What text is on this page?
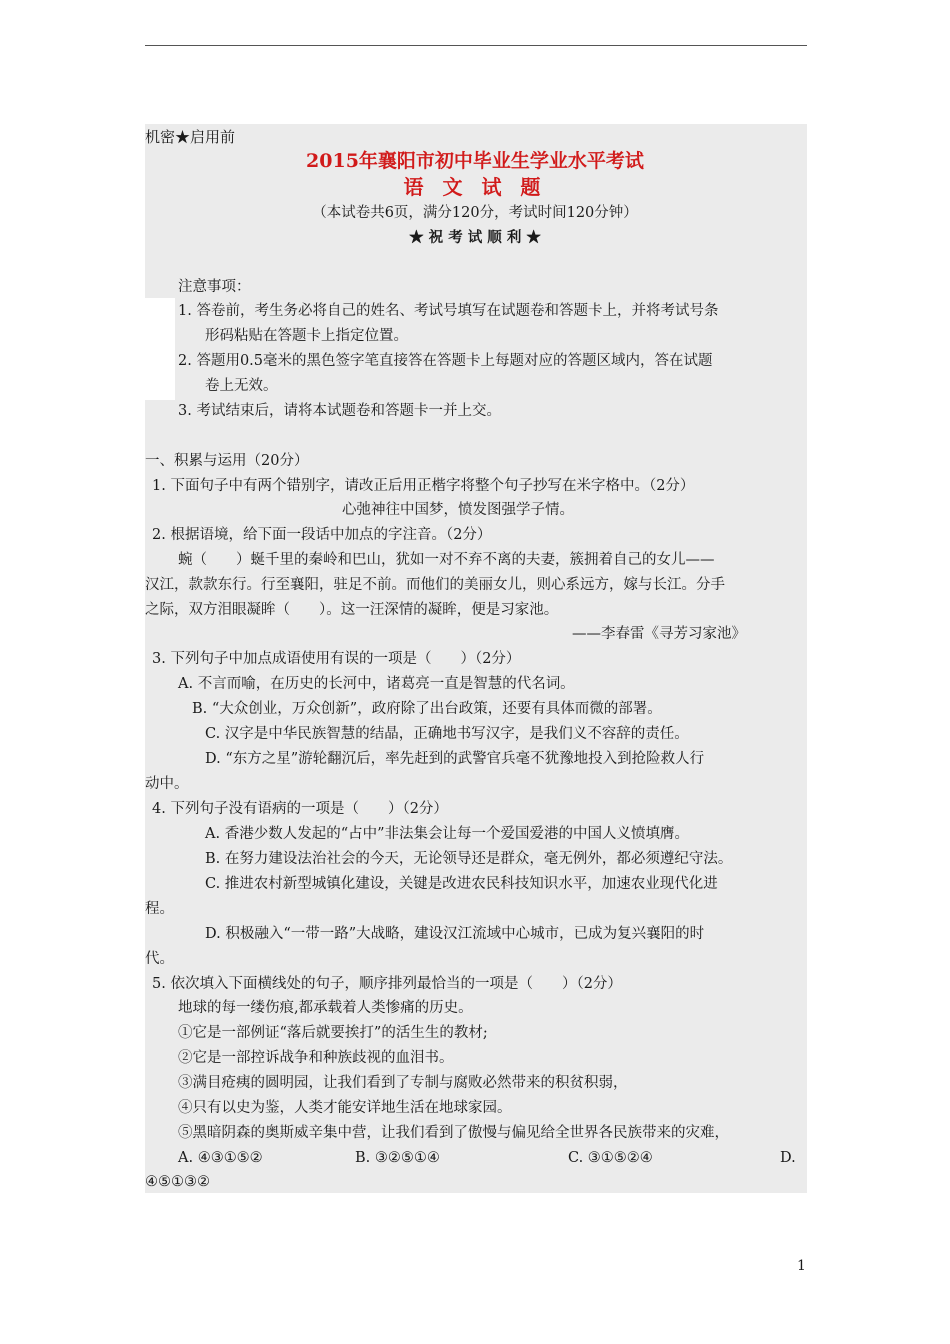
机密★启用前
2015年襄阳市初中毕业生学业水平考试
语 文 试 题
（本试卷共6页，满分120分，考试时间120分钟）
★ 祝 考 试 顺 利 ★
注意事项：
1. 答卷前，考生务必将自己的姓名、考试号填写在试题卷和答题卡上，并将考试号条
形码粘贴在答题卡上指定位置。
2. 答题用0.5毫米的黑色签字笔直接答在答题卡上每题对应的答题区域内，答在试题
卷上无效。
3. 考试结束后，请将本试题卷和答题卡一并上交。
一、积累与运用（20分）
1. 下面句子中有两个错别字，请改正后用正楷字将整个句子抄写在米字格中。（2分）
心弛神往中国梦，愤发图强学子情。
2. 根据语境，给下面一段话中加点的字注音。（2分）
蜿（　　）蜒千里的秦岭和巴山，犹如一对不弃不离的夫妻，簇拥着自己的女儿——
汉江，款款东行。行至襄阳，驻足不前。而他们的美丽女儿，则心系远方，嫁与长江。分手
之际，双方泪眼凝眸（　　）。这一汪深情的凝眸，便是习家池。
——李春雷《寻芳习家池》
3. 下列句子中加点成语使用有误的一项是（　　）（2分）
A. 不言而喻，在历史的长河中，诸葛亮一直是智慧的代名词。
B. “大众创业，万众创新”，政府除了出台政策，还要有具体而微的部署。
C. 汉字是中华民族智慧的结晶，正确地书写汉字，是我们义不容辞的责任。
D. “东方之星”游轮翻沉后，率先赶到的武警官兵毫不犹豫地投入到抢险救人行
动中。
4. 下列句子没有语病的一项是（　　）（2分）
A. 香港少数人发起的“占中”非法集会让每一个爱国爱港的中国人义愤填膺。
B. 在努力建设法治社会的今天，无论领导还是群众，毫无例外，都必须遵纪守法。
C. 推进农村新型城镇化建设，关键是改进农民科技知识水平，加速农业现代化进
程。
D. 积极融入“一带一路”大战略，建设汉江流域中心城市，已成为复兴襄阳的时
代。
5. 依次填入下面横线处的句子，顺序排列最恰当的一项是（　　）（2分）
地球的每一缕伤痕,都承载着人类惨痛的历史。
①它是一部例证“落后就要挨打”的活生生的教材;
②它是一部控诉战争和种族歧视的血泪书。
③满目疮痍的圆明园，让我们看到了专制与腐败必然带来的积贫积弱，
④只有以史为鉴，人类才能安详地生活在地球家园。
⑤黑暗阴森的奥斯威辛集中营，让我们看到了傲慢与偏见给全世界各民族带来的灾难，
A. ④③①⑤②	B. ③②⑤①④	C. ③①⑤②④	D.
④⑤①③②
1
